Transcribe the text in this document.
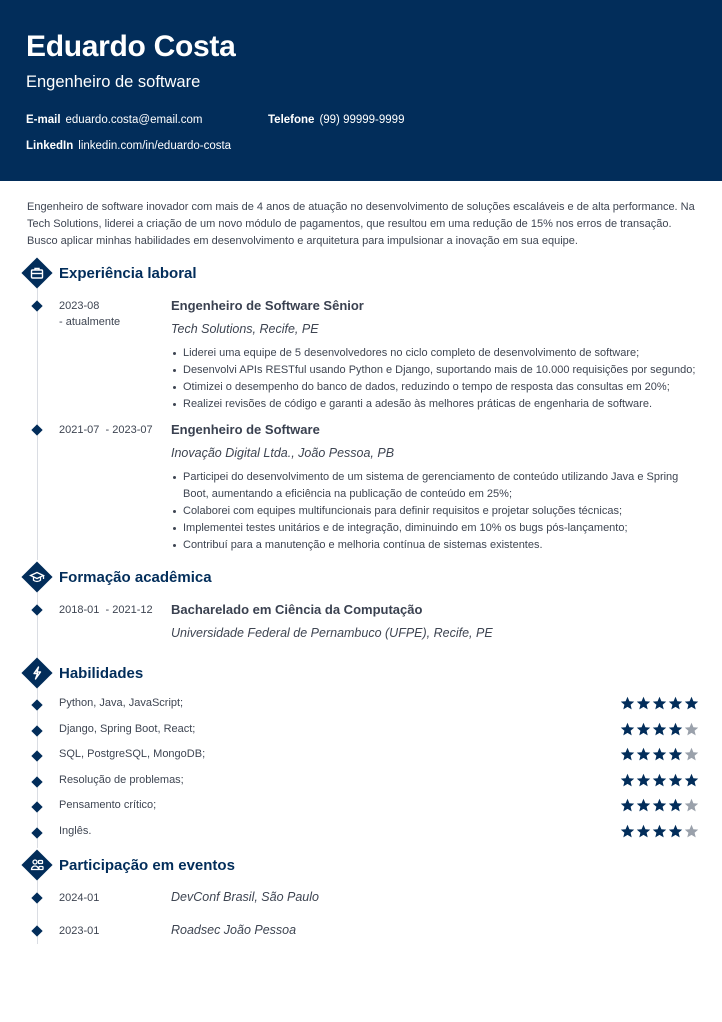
Eduardo Costa
Engenheiro de software
E-mail eduardo.costa@email.com	Telefone (99) 99999-9999
LinkedIn linkedin.com/in/eduardo-costa

Engenheiro de software inovador com mais de 4 anos de atuação no desenvolvimento de soluções escaláveis e de alta performance. Na Tech Solutions, liderei a criação de um novo módulo de pagamentos, que resultou em uma redução de 15% nos erros de transação. Busco aplicar minhas habilidades em desenvolvimento e arquitetura para impulsionar a inovação em sua equipe.

Experiência laboral
2023-08
- atualmente
Engenheiro de Software Sênior
Tech Solutions, Recife, PE
Liderei uma equipe de 5 desenvolvedores no ciclo completo de desenvolvimento de software;
Desenvolvi APIs RESTful usando Python e Django, suportando mais de 10.000 requisições por segundo;
Otimizei o desempenho do banco de dados, reduzindo o tempo de resposta das consultas em 20%;
Realizei revisões de código e garanti a adesão às melhores práticas de engenharia de software.
2021-07 - 2023-07 Engenheiro de Software
Inovação Digital Ltda., João Pessoa, PB
Participei do desenvolvimento de um sistema de gerenciamento de conteúdo utilizando Java e Spring Boot, aumentando a eficiência na publicação de conteúdo em 25%;
Colaborei com equipes multifuncionais para definir requisitos e projetar soluções técnicas;
Implementei testes unitários e de integração, diminuindo em 10% os bugs pós-lançamento;
Contribuí para a manutenção e melhoria contínua de sistemas existentes.
Formação acadêmica
2018-01 - 2021-12 Bacharelado em Ciência da Computação
Universidade Federal de Pernambuco (UFPE), Recife, PE
Habilidades
Python, Java, JavaScript;
Django, Spring Boot, React;
SQL, PostgreSQL, MongoDB;
Resolução de problemas;
Pensamento crítico;
Inglês.
Participação em eventos
2024-01	DevConf Brasil, São Paulo
2023-01	Roadsec João Pessoa
